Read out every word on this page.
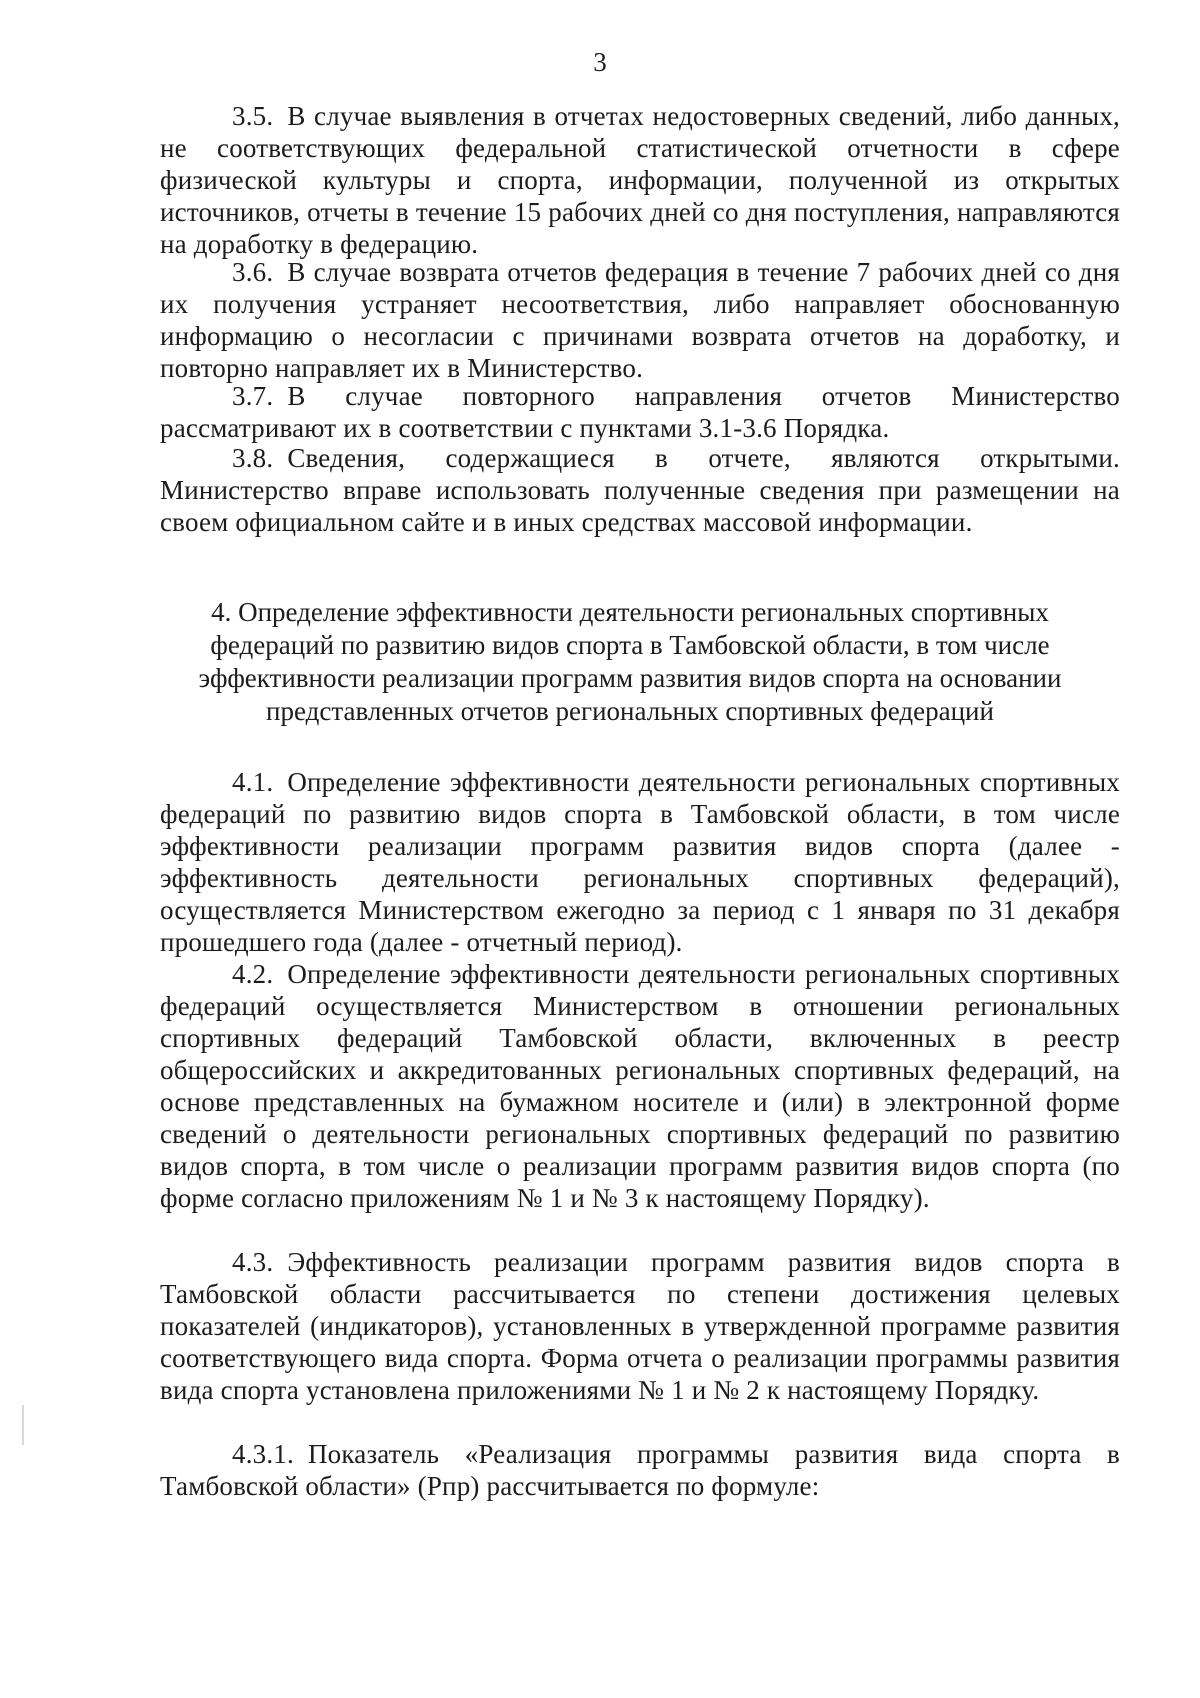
3

3.5. В случае выявления в отчетах недостоверных сведений, либо данных, не соответствующих федеральной статистической отчетности в сфере физической культуры и спорта, информации, полученной из открытых источников, отчеты в течение 15 рабочих дней со дня поступления, направляются на доработку в федерацию.

3.6. В случае возврата отчетов федерация в течение 7 рабочих дней со дня их получения устраняет несоответствия, либо направляет обоснованную информацию о несогласии с причинами возврата отчетов на доработку, и повторно направляет их в Министерство.

3.7. В случае повторного направления отчетов Министерство рассматривают их в соответствии с пунктами 3.1-3.6 Порядка.

3.8. Сведения, содержащиеся в отчете, являются открытыми. Министерство вправе использовать полученные сведения при размещении на своем официальном сайте и в иных средствах массовой информации.

4. Определение эффективности деятельности региональных спортивных федераций по развитию видов спорта в Тамбовской области, в том числе эффективности реализации программ развития видов спорта на основании представленных отчетов региональных спортивных федераций

4.1. Определение эффективности деятельности региональных спортивных федераций по развитию видов спорта в Тамбовской области, в том числе эффективности реализации программ развития видов спорта (далее - эффективность деятельности региональных спортивных федераций), осуществляется Министерством ежегодно за период с 1 января по 31 декабря прошедшего года (далее - отчетный период).

4.2. Определение эффективности деятельности региональных спортивных федераций осуществляется Министерством в отношении региональных спортивных федераций Тамбовской области, включенных в реестр общероссийских и аккредитованных региональных спортивных федераций, на основе представленных на бумажном носителе и (или) в электронной форме сведений о деятельности региональных спортивных федераций по развитию видов спорта, в том числе о реализации программ развития видов спорта (по форме согласно приложениям № 1 и № 3 к настоящему Порядку).

4.3. Эффективность реализации программ развития видов спорта в Тамбовской области рассчитывается по степени достижения целевых показателей (индикаторов), установленных в утвержденной программе развития соответствующего вида спорта. Форма отчета о реализации программы развития вида спорта установлена приложениями № 1 и № 2 к настоящему Порядку.

4.3.1. Показатель «Реализация программы развития вида спорта в Тамбовской области» (Рпр) рассчитывается по формуле:
